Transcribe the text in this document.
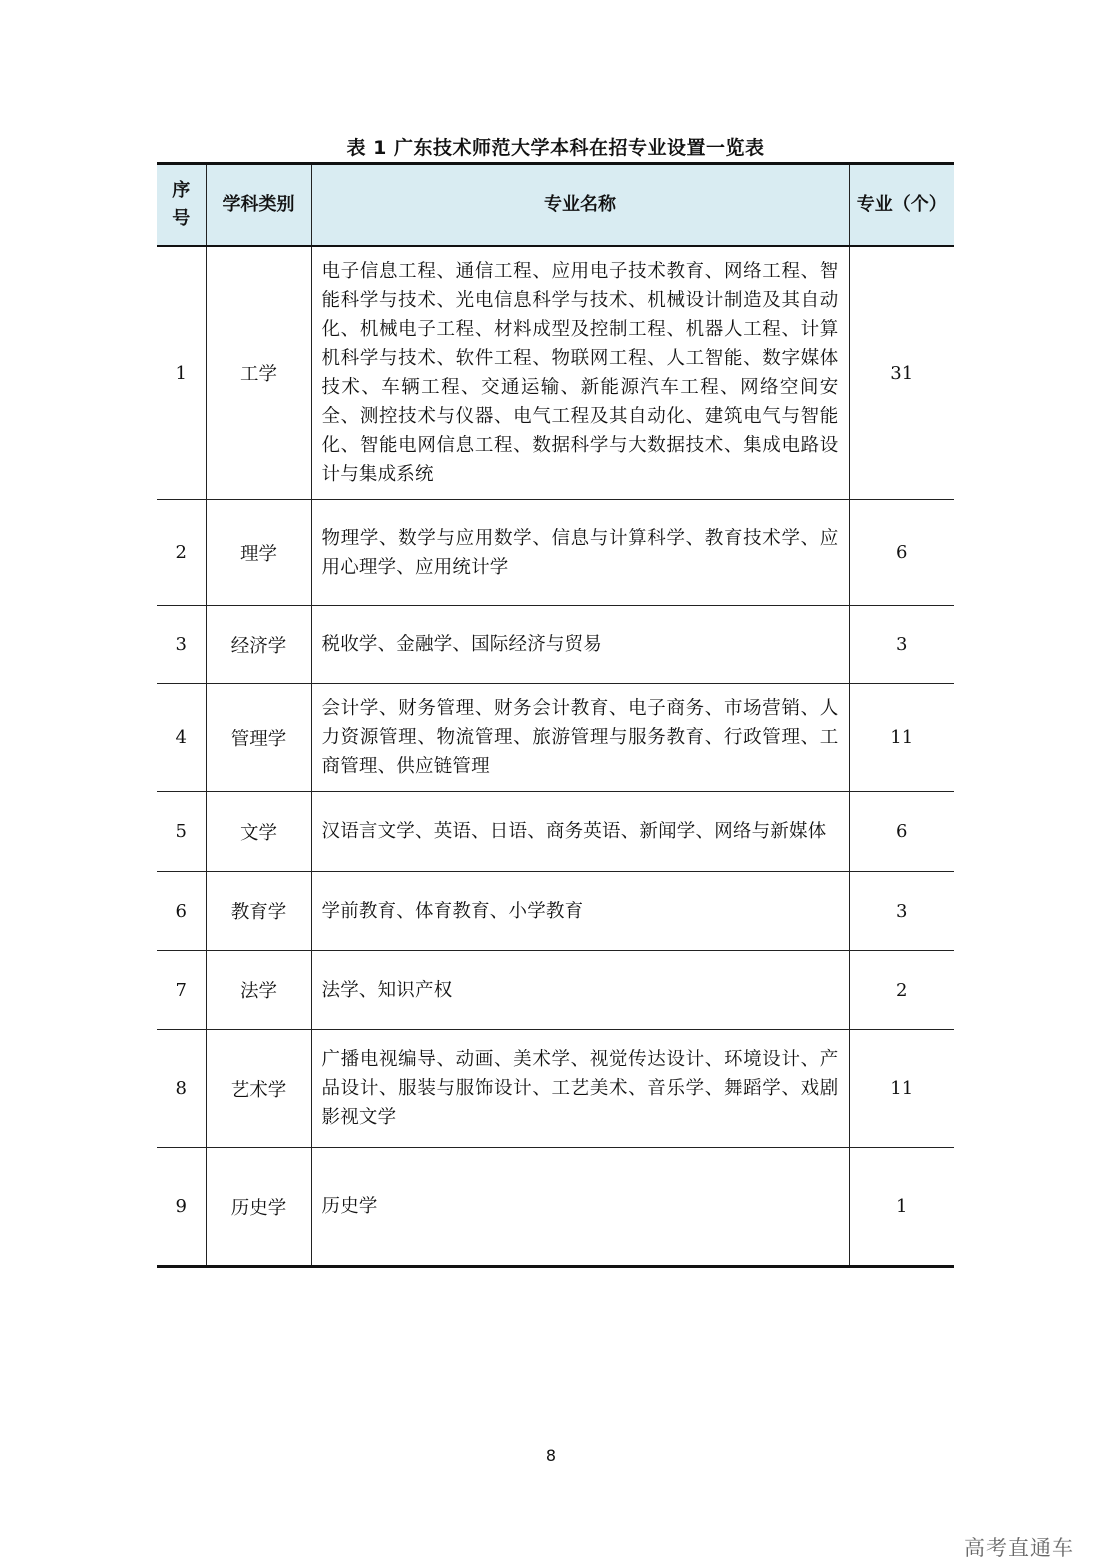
表 1 广东技术师范大学本科在招专业设置一览表
序
号	学科类别	专业名称	专业（个）
1	工学	电子信息工程、通信工程、应用电子技术教育、网络工程、智能科学与技术、光电信息科学与技术、机械设计制造及其自动化、机械电子工程、材料成型及控制工程、机器人工程、计算机科学与技术、软件工程、物联网工程、人工智能、数字媒体技术、车辆工程、交通运输、新能源汽车工程、网络空间安全、测控技术与仪器、电气工程及其自动化、建筑电气与智能化、智能电网信息工程、数据科学与大数据技术、集成电路设计与集成系统	31
2	理学	物理学、数学与应用数学、信息与计算科学、教育技术学、应用心理学、应用统计学	6
3	经济学	税收学、金融学、国际经济与贸易	3
4	管理学	会计学、财务管理、财务会计教育、电子商务、市场营销、人力资源管理、物流管理、旅游管理与服务教育、行政管理、工商管理、供应链管理	11
5	文学	汉语言文学、英语、日语、商务英语、新闻学、网络与新媒体	6
6	教育学	学前教育、体育教育、小学教育	3
7	法学	法学、知识产权	2
8	艺术学	广播电视编导、动画、美术学、视觉传达设计、环境设计、产品设计、服装与服饰设计、工艺美术、音乐学、舞蹈学、戏剧影视文学	11
9	历史学	历史学	1
8
高考直通车
